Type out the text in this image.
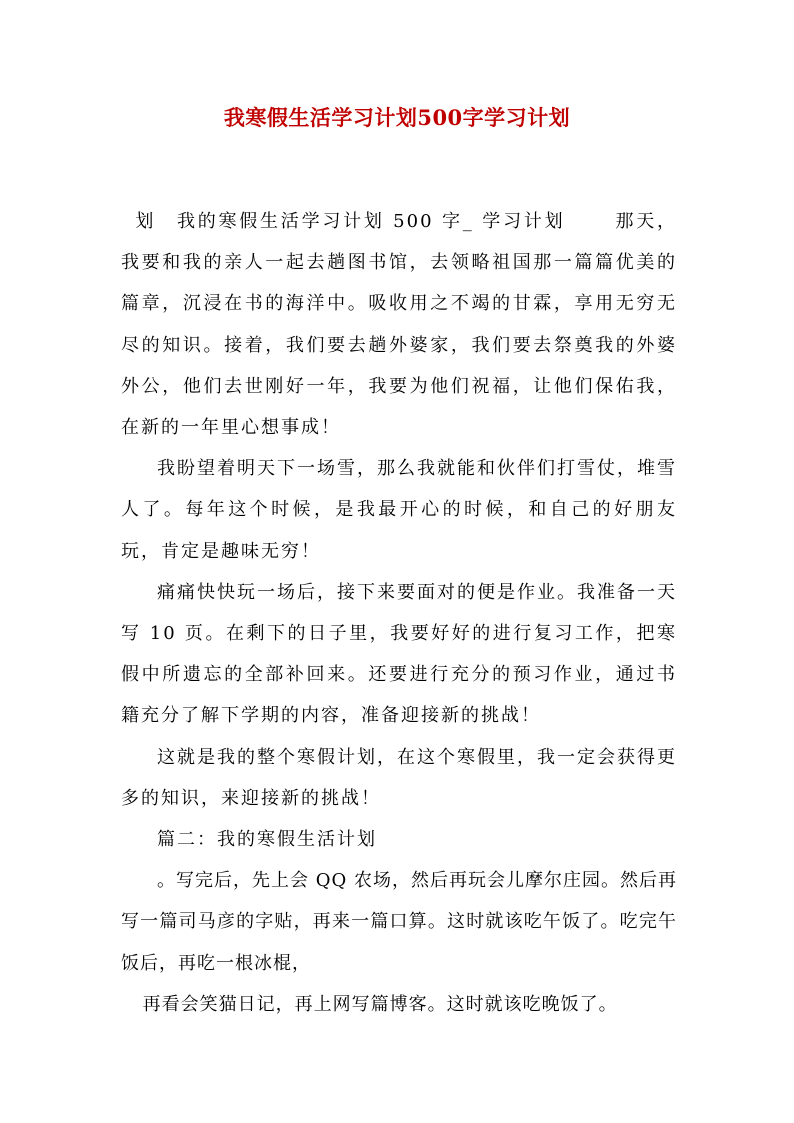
我寒假生活学习计划500字学习计划

划　我的寒假生活学习计划 500 字_ 学习计划　　 那天，我要和我的亲人一起去趟图书馆，去领略祖国那一篇篇优美的篇章，沉浸在书的海洋中。吸收用之不竭的甘霖，享用无穷无尽的知识。接着，我们要去趟外婆家，我们要去祭奠我的外婆外公，他们去世刚好一年，我要为他们祝福，让他们保佑我，在新的一年里心想事成！

我盼望着明天下一场雪，那么我就能和伙伴们打雪仗，堆雪人了。每年这个时候，是我最开心的时候，和自己的好朋友玩，肯定是趣味无穷！

痛痛快快玩一场后，接下来要面对的便是作业。我准备一天写 10 页。在剩下的日子里，我要好好的进行复习工作，把寒假中所遗忘的全部补回来。还要进行充分的预习作业，通过书籍充分了解下学期的内容，准备迎接新的挑战！

这就是我的整个寒假计划，在这个寒假里，我一定会获得更多的知识，来迎接新的挑战！

篇二：我的寒假生活计划

。写完后，先上会 QQ 农场，然后再玩会儿摩尔庄园。然后再写一篇司马彦的字贴，再来一篇口算。这时就该吃午饭了。吃完午饭后，再吃一根冰棍，

再看会笑猫日记，再上网写篇博客。这时就该吃晚饭了。
